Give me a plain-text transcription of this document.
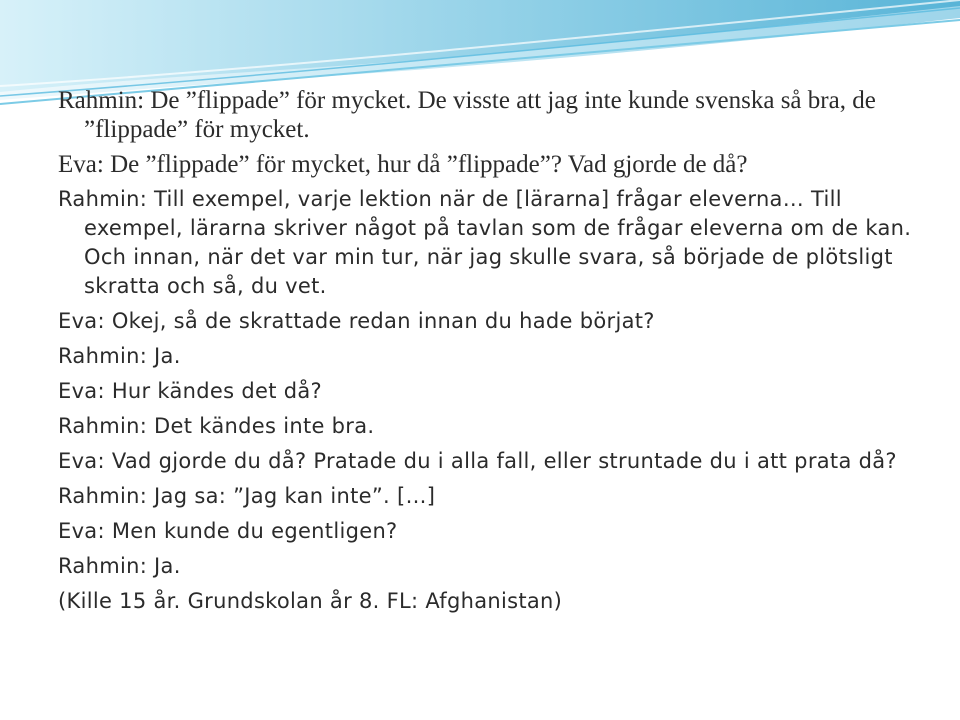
Rahmin: De ”flippade” för mycket. De visste att jag inte kunde svenska så bra, de ”flippade” för mycket.

Eva: De ”flippade” för mycket, hur då ”flippade”? Vad gjorde de då?

Rahmin: Till exempel, varje lektion när de [lärarna] frågar eleverna… Till exempel, lärarna skriver något på tavlan som de frågar eleverna om de kan. Och innan, när det var min tur, när jag skulle svara, så började de plötsligt skratta och så, du vet.

Eva: Okej, så de skrattade redan innan du hade börjat?

Rahmin: Ja.

Eva: Hur kändes det då?

Rahmin: Det kändes inte bra.

Eva: Vad gjorde du då? Pratade du i alla fall, eller struntade du i att prata då?

Rahmin: Jag sa: ”Jag kan inte”. […]

Eva: Men kunde du egentligen?

Rahmin: Ja.

(Kille 15 år. Grundskolan år 8. FL: Afghanistan)
